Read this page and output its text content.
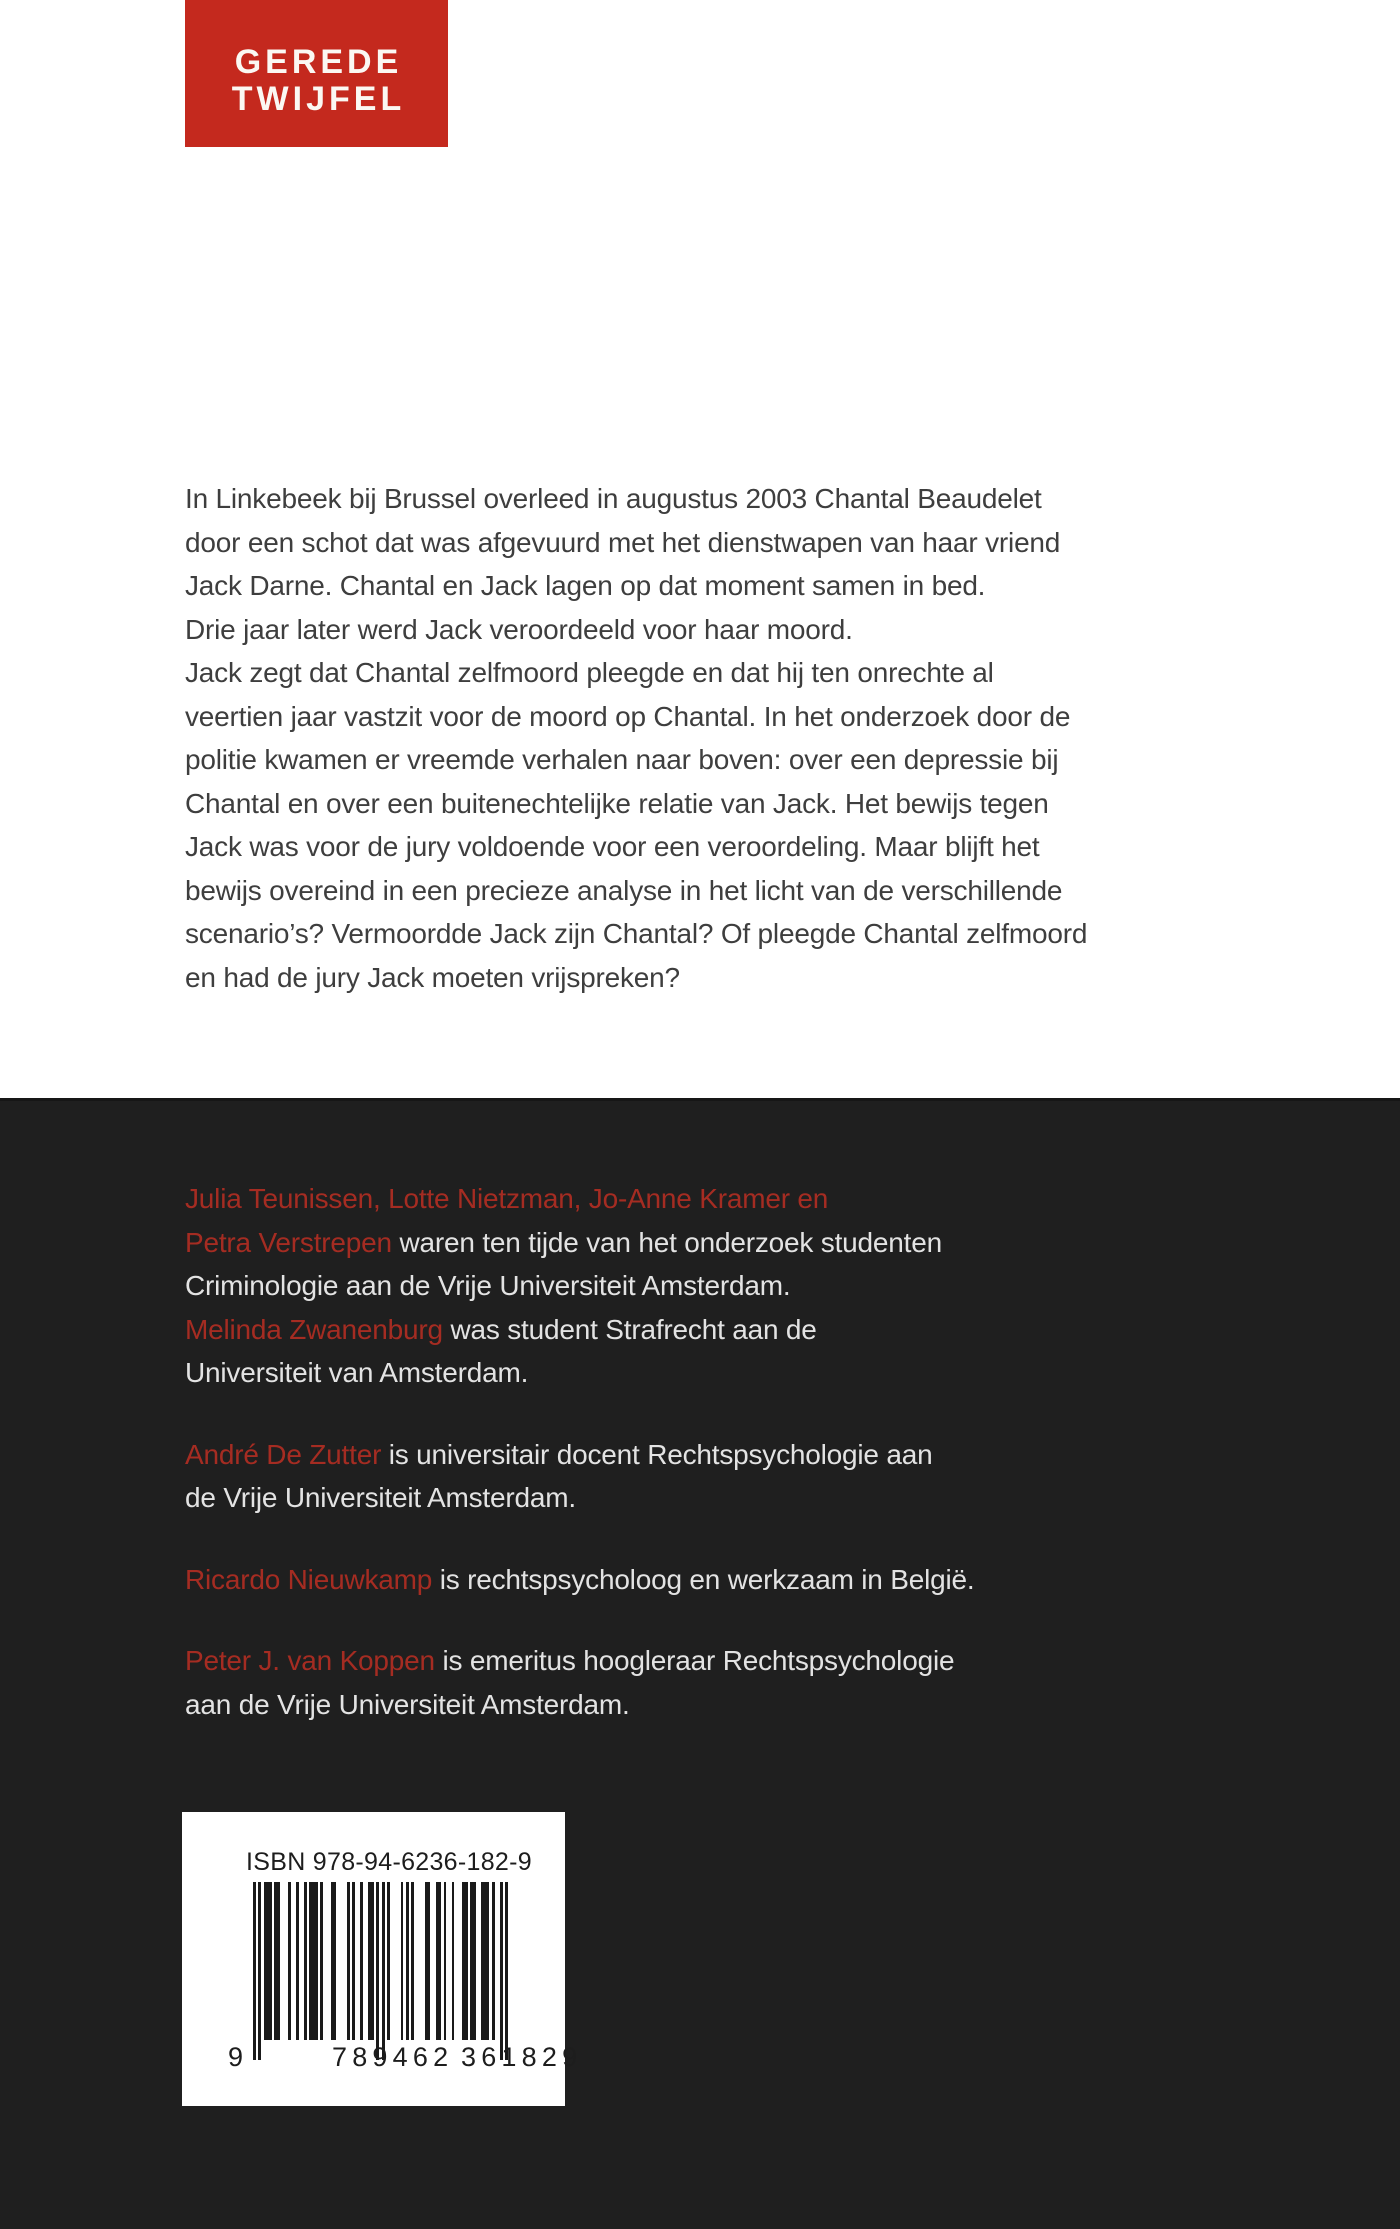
GEREDE
TWIJFEL
In Linkebeek bij Brussel overleed in augustus 2003 Chantal Beaudelet
door een schot dat was afgevuurd met het dienstwapen van haar vriend
Jack Darne. Chantal en Jack lagen op dat moment samen in bed.
Drie jaar later werd Jack veroordeeld voor haar moord.
Jack zegt dat Chantal zelfmoord pleegde en dat hij ten onrechte al
veertien jaar vastzit voor de moord op Chantal. In het onderzoek door de
politie kwamen er vreemde verhalen naar boven: over een depressie bij
Chantal en over een buitenechtelijke relatie van Jack. Het bewijs tegen
Jack was voor de jury voldoende voor een veroordeling. Maar blijft het
bewijs overeind in een precieze analyse in het licht van de verschillende
scenario’s? Vermoordde Jack zijn Chantal? Of pleegde Chantal zelfmoord
en had de jury Jack moeten vrijspreken?
Julia Teunissen, Lotte Nietzman, Jo-Anne Kramer en
Petra Verstrepen waren ten tijde van het onderzoek studenten
Criminologie aan de Vrije Universiteit Amsterdam.
Melinda Zwanenburg was student Strafrecht aan de
Universiteit van Amsterdam.
André De Zutter is universitair docent Rechtspsychologie aan
de Vrije Universiteit Amsterdam.
Ricardo Nieuwkamp is rechtspsycholoog en werkzaam in België.
Peter J. van Koppen is emeritus hoogleraar Rechtspsychologie
aan de Vrije Universiteit Amsterdam.
ISBN 978-94-6236-182-9
9	789462 361829
